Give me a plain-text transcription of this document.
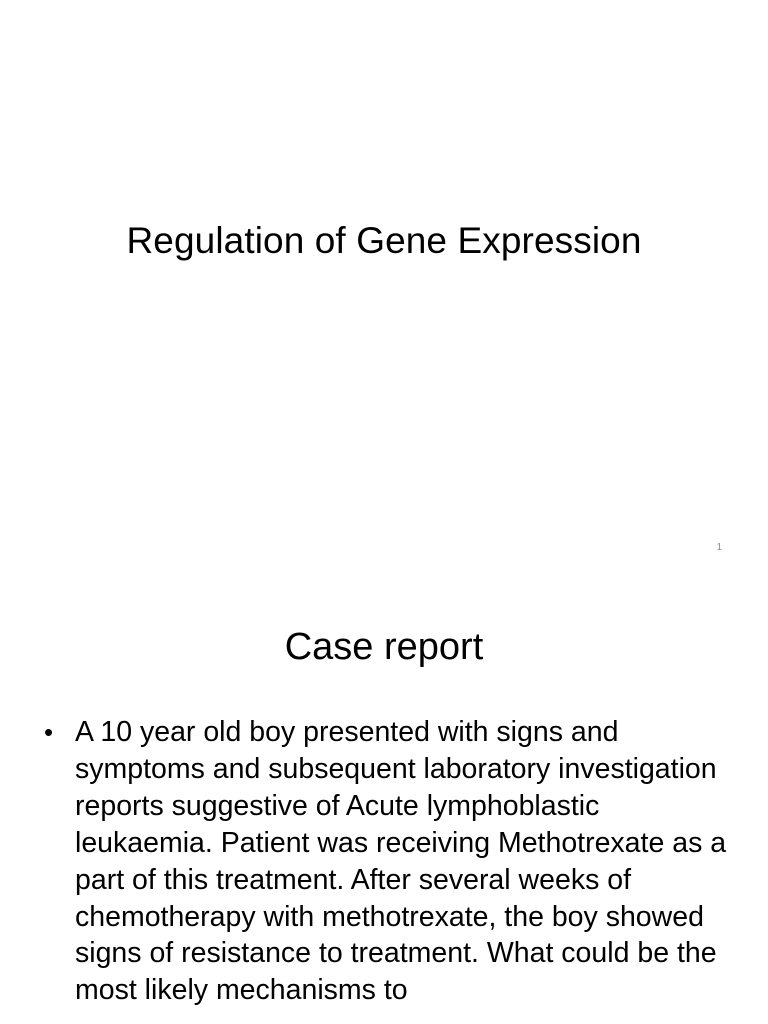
Regulation of Gene Expression
1
Case report
• A 10 year old boy presented with signs and symptoms and subsequent laboratory investigation reports suggestive of Acute lymphoblastic leukaemia. Patient was receiving Methotrexate as a part of this treatment. After several weeks of chemotherapy with methotrexate, the boy showed signs of resistance to treatment. What could be the most likely mechanisms to
